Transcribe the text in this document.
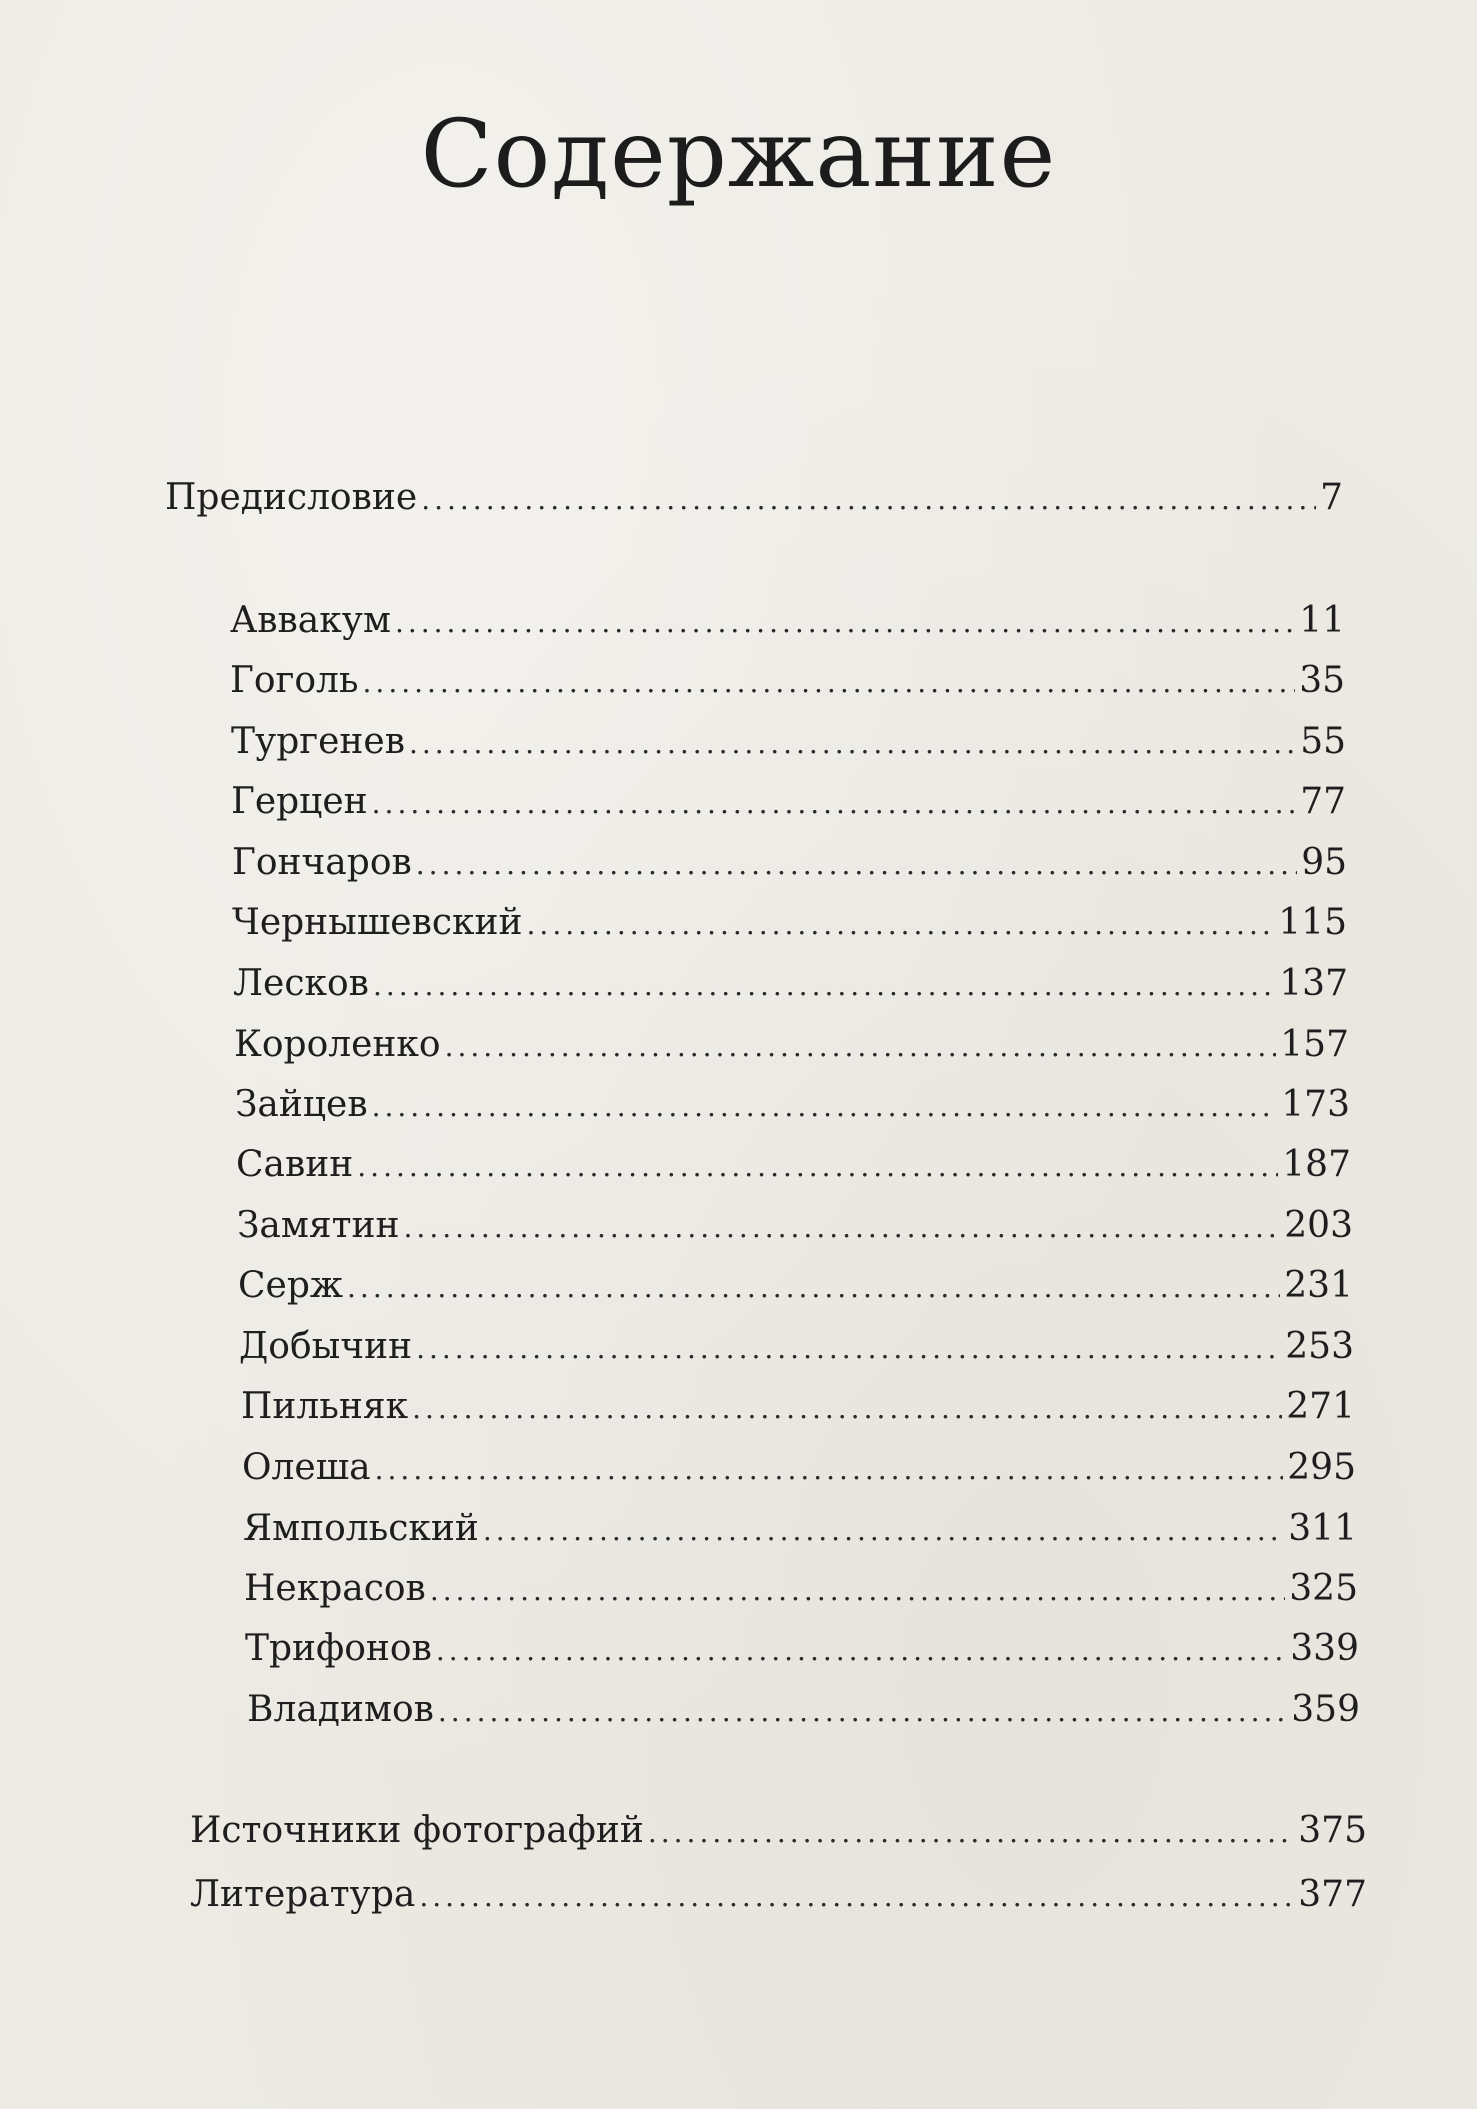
Содержание
Предисловие .....	7
Аввакум .....	11
Гоголь .....	35
Тургенев .....	55
Герцен .....	77
Гончаров .....	95
Чернышевский .....	115
Лесков .....	137
Короленко .....	157
Зайцев .....	173
Савин .....	187
Замятин .....	203
Серж .....	231
Добычин .....	253
Пильняк .....	271
Олеша .....	295
Ямпольский .....	311
Некрасов .....	325
Трифонов .....	339
Владимов .....	359
Источники фотографий .....	375
Литература .....	377
